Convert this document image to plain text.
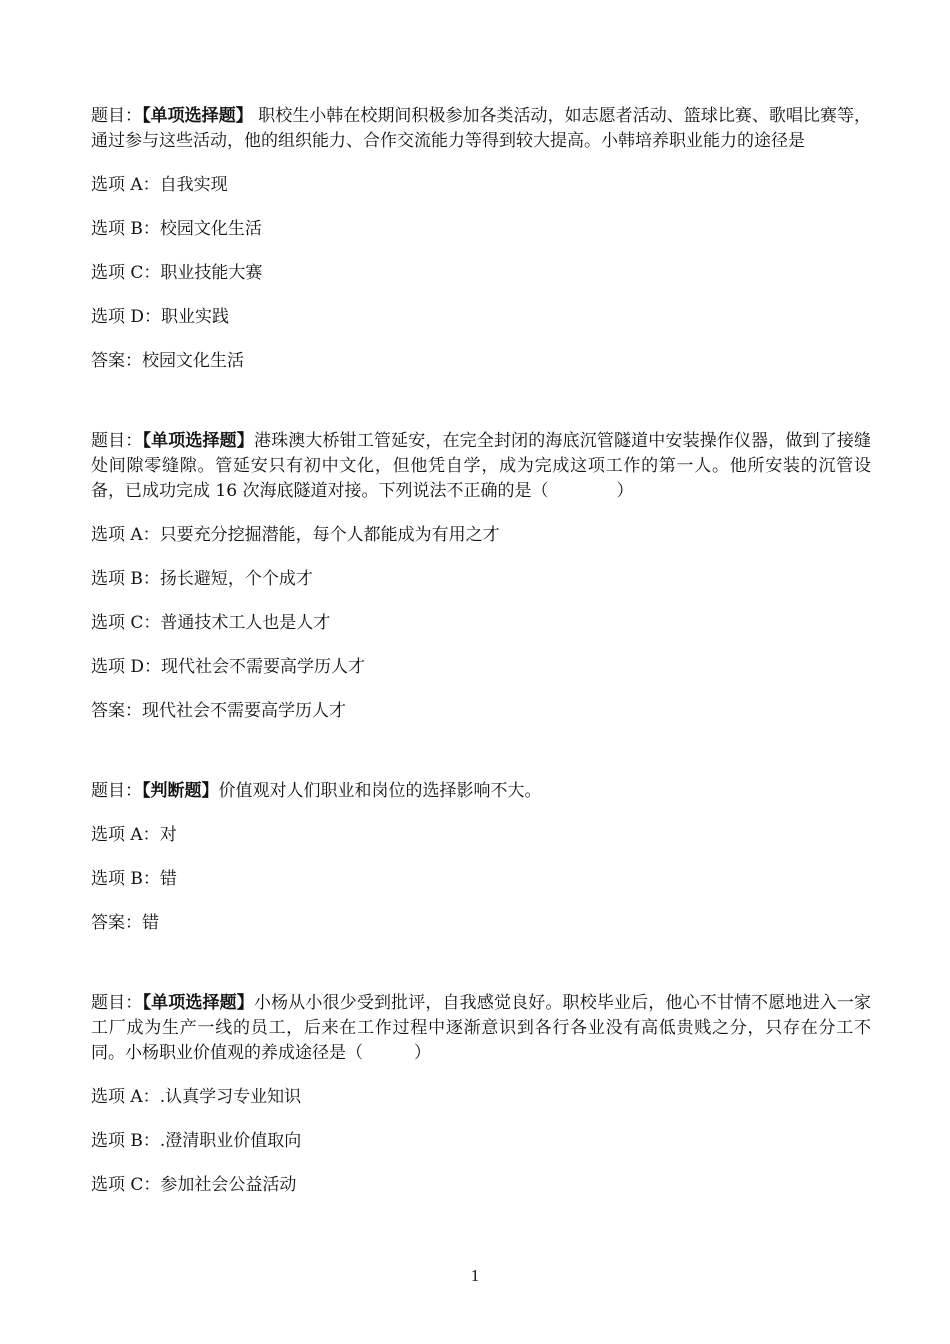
题目：【单项选择题】 职校生小韩在校期间积极参加各类活动，如志愿者活动、篮球比赛、歌唱比赛等，通过参与这些活动，他的组织能力、合作交流能力等得到较大提高。小韩培养职业能力的途径是

选项 A：自我实现

选项 B：校园文化生活

选项 C：职业技能大赛

选项 D：职业实践

答案：校园文化生活

题目：【单项选择题】港珠澳大桥钳工管延安，在完全封闭的海底沉管隧道中安装操作仪器，做到了接缝处间隙零缝隙。管延安只有初中文化，但他凭自学，成为完成这项工作的第一人。他所安装的沉管设备，已成功完成 16 次海底隧道对接。下列说法不正确的是（　　　　）

选项 A：只要充分挖掘潜能，每个人都能成为有用之才

选项 B：扬长避短，个个成才

选项 C：普通技术工人也是人才

选项 D：现代社会不需要高学历人才

答案：现代社会不需要高学历人才

题目：【判断题】价值观对人们职业和岗位的选择影响不大。

选项 A：对

选项 B：错

答案：错

题目：【单项选择题】小杨从小很少受到批评，自我感觉良好。职校毕业后，他心不甘情不愿地进入一家工厂成为生产一线的员工，后来在工作过程中逐渐意识到各行各业没有高低贵贱之分，只存在分工不同。小杨职业价值观的养成途径是（　　　）

选项 A：.认真学习专业知识

选项 B：.澄清职业价值取向

选项 C：参加社会公益活动

1
